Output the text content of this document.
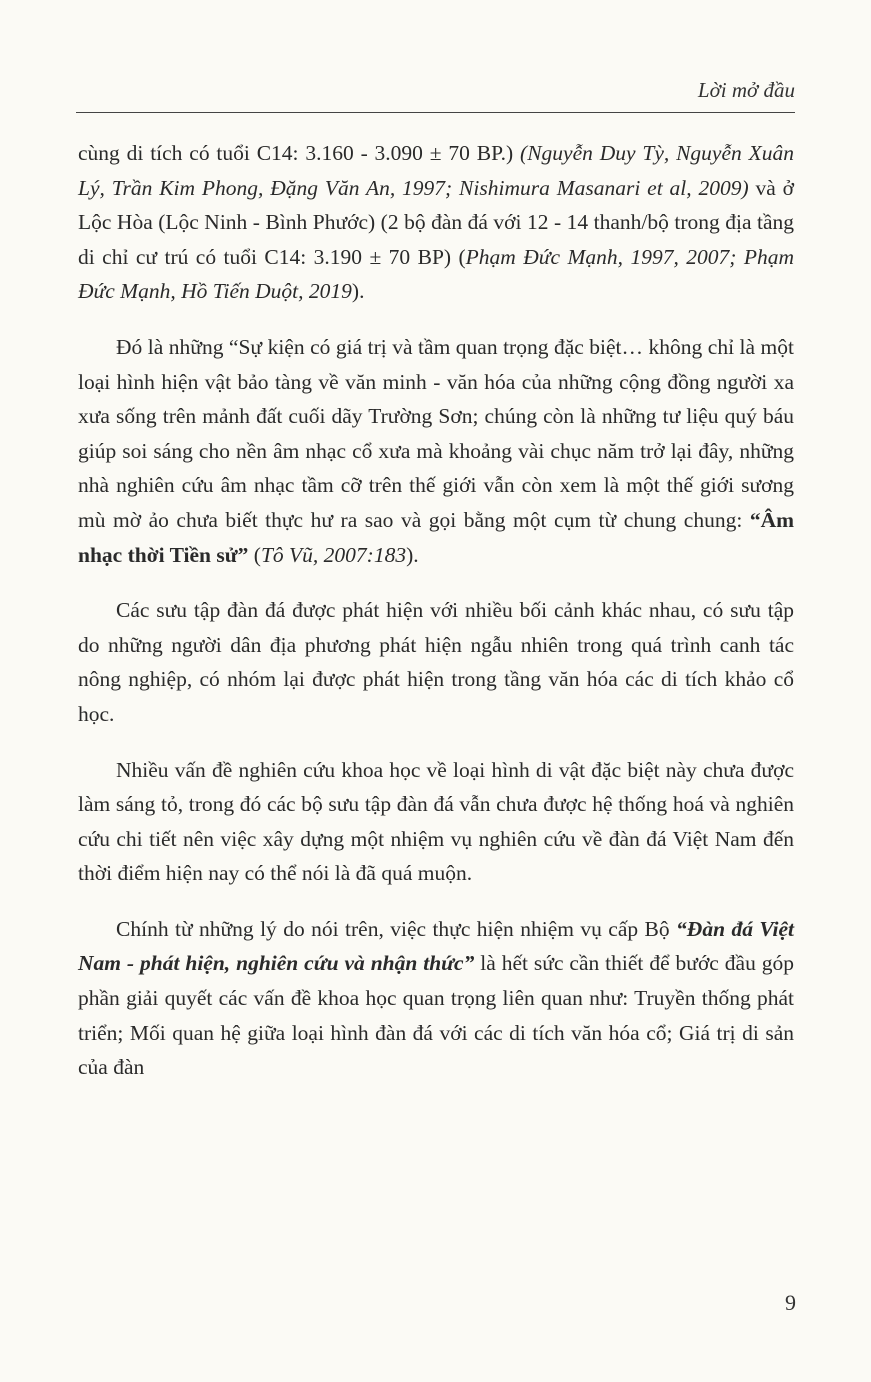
Lời mở đầu

cùng di tích có tuổi C14: 3.160 - 3.090 ± 70 BP.) (Nguyễn Duy Tỳ, Nguyễn Xuân Lý, Trần Kim Phong, Đặng Văn An, 1997; Nishimura Masanari et al, 2009) và ở Lộc Hòa (Lộc Ninh - Bình Phước) (2 bộ đàn đá với 12 - 14 thanh/bộ trong địa tầng di chỉ cư trú có tuổi C14: 3.190 ± 70 BP) (Phạm Đức Mạnh, 1997, 2007; Phạm Đức Mạnh, Hồ Tiến Duột, 2019).

Đó là những “Sự kiện có giá trị và tầm quan trọng đặc biệt… không chỉ là một loại hình hiện vật bảo tàng về văn minh - văn hóa của những cộng đồng người xa xưa sống trên mảnh đất cuối dãy Trường Sơn; chúng còn là những tư liệu quý báu giúp soi sáng cho nền âm nhạc cổ xưa mà khoảng vài chục năm trở lại đây, những nhà nghiên cứu âm nhạc tầm cỡ trên thế giới vẫn còn xem là một thế giới sương mù mờ ảo chưa biết thực hư ra sao và gọi bằng một cụm từ chung chung: “Âm nhạc thời Tiền sử” (Tô Vũ, 2007:183).

Các sưu tập đàn đá được phát hiện với nhiều bối cảnh khác nhau, có sưu tập do những người dân địa phương phát hiện ngẫu nhiên trong quá trình canh tác nông nghiệp, có nhóm lại được phát hiện trong tầng văn hóa các di tích khảo cổ học.

Nhiều vấn đề nghiên cứu khoa học về loại hình di vật đặc biệt này chưa được làm sáng tỏ, trong đó các bộ sưu tập đàn đá vẫn chưa được hệ thống hoá và nghiên cứu chi tiết nên việc xây dựng một nhiệm vụ nghiên cứu về đàn đá Việt Nam đến thời điểm hiện nay có thể nói là đã quá muộn.

Chính từ những lý do nói trên, việc thực hiện nhiệm vụ cấp Bộ “Đàn đá Việt Nam - phát hiện, nghiên cứu và nhận thức” là hết sức cần thiết để bước đầu góp phần giải quyết các vấn đề khoa học quan trọng liên quan như: Truyền thống phát triển; Mối quan hệ giữa loại hình đàn đá với các di tích văn hóa cổ; Giá trị di sản của đàn

9
